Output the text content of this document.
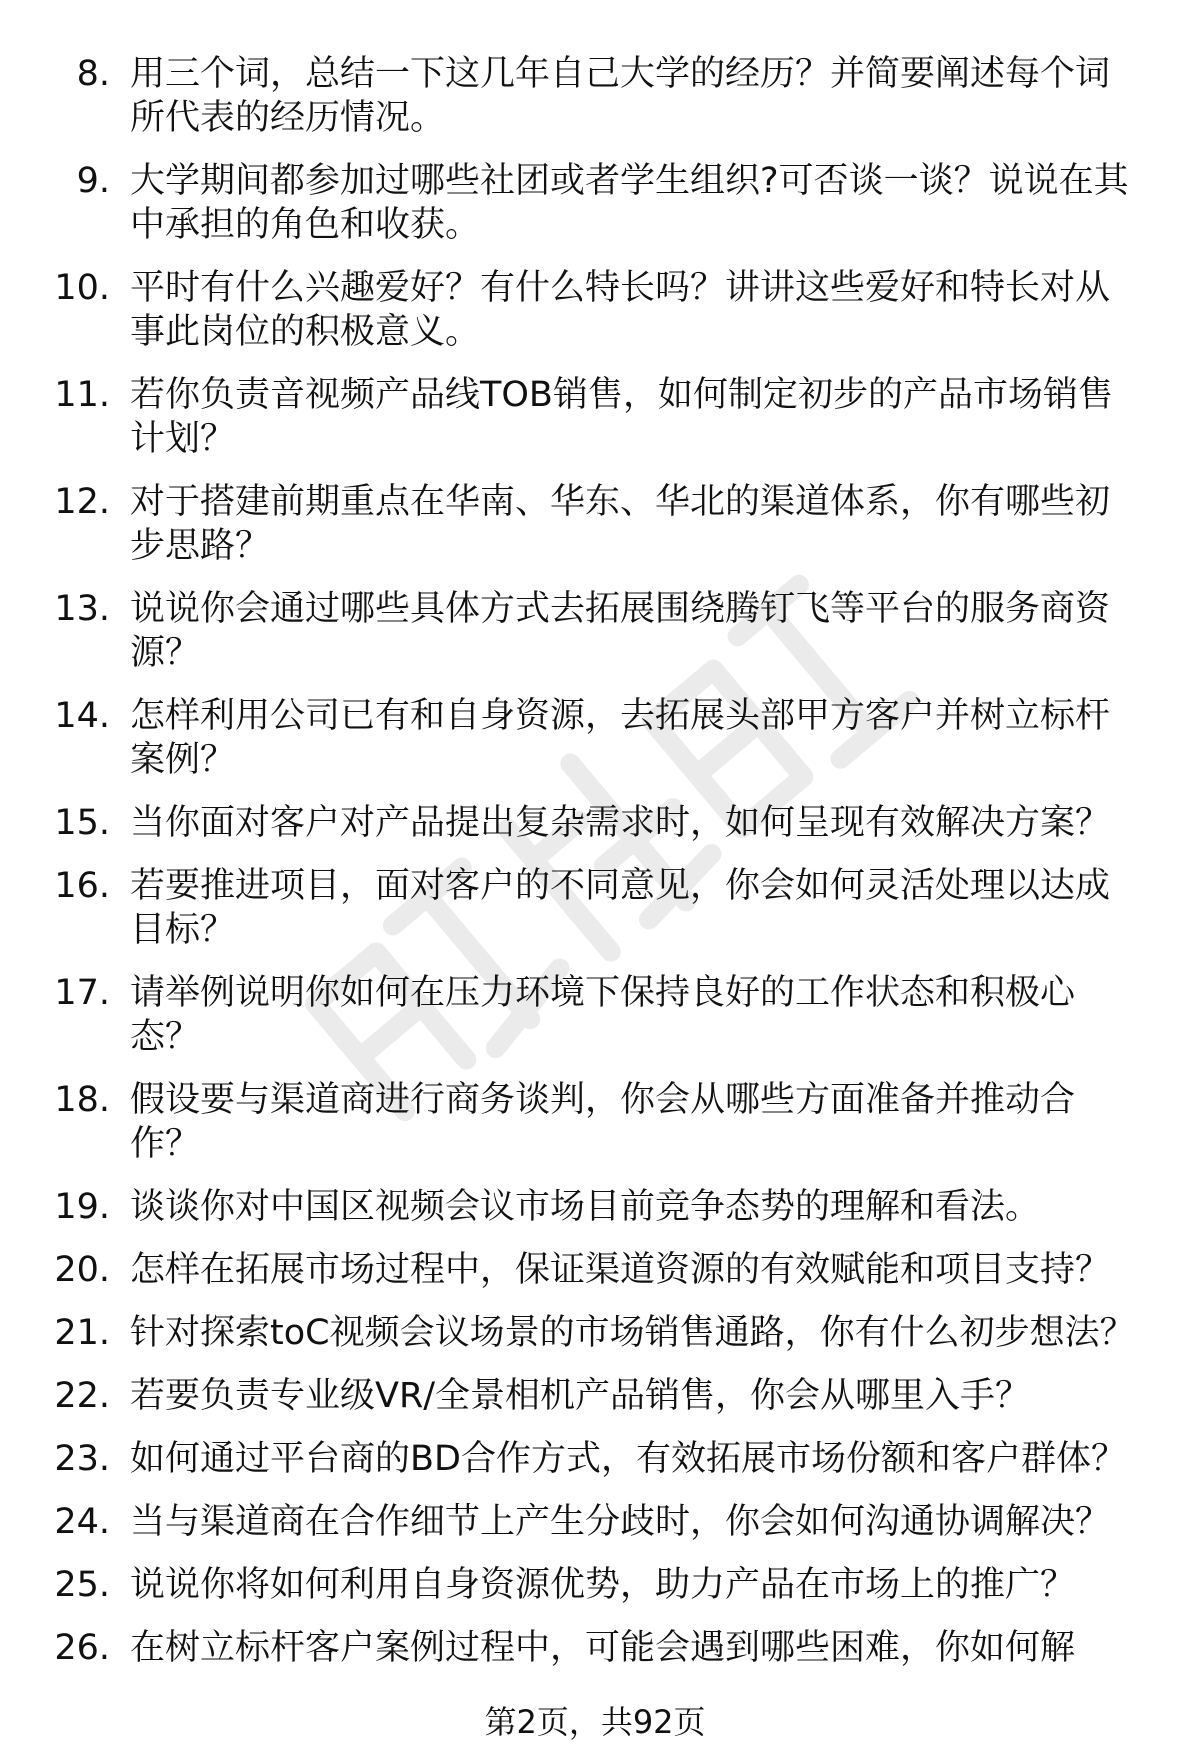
8. 用三个词，总结一下这几年自己大学的经历？并简要阐述每个词
所代表的经历情况。
9. 大学期间都参加过哪些社团或者学生组织?可否谈一谈？说说在其
中承担的角色和收获。
10. 平时有什么兴趣爱好？有什么特长吗？讲讲这些爱好和特长对从
事此岗位的积极意义。
11. 若你负责音视频产品线TOB销售，如何制定初步的产品市场销售
计划？
12. 对于搭建前期重点在华南、华东、华北的渠道体系，你有哪些初
步思路？
13. 说说你会通过哪些具体方式去拓展围绕腾钉飞等平台的服务商资
源？
14. 怎样利用公司已有和自身资源，去拓展头部甲方客户并树立标杆
案例？
15. 当你面对客户对产品提出复杂需求时，如何呈现有效解决方案？
16. 若要推进项目，面对客户的不同意见，你会如何灵活处理以达成
目标？
17. 请举例说明你如何在压力环境下保持良好的工作状态和积极心
态？
18. 假设要与渠道商进行商务谈判，你会从哪些方面准备并推动合
作？
19. 谈谈你对中国区视频会议市场目前竞争态势的理解和看法。
20. 怎样在拓展市场过程中，保证渠道资源的有效赋能和项目支持？
21. 针对探索toC视频会议场景的市场销售通路，你有什么初步想法？
22. 若要负责专业级VR/全景相机产品销售，你会从哪里入手？
23. 如何通过平台商的BD合作方式，有效拓展市场份额和客户群体？
24. 当与渠道商在合作细节上产生分歧时，你会如何沟通协调解决？
25. 说说你将如何利用自身资源优势，助力产品在市场上的推广？
26. 在树立标杆客户案例过程中，可能会遇到哪些困难，你如何解
第2页，共92页
